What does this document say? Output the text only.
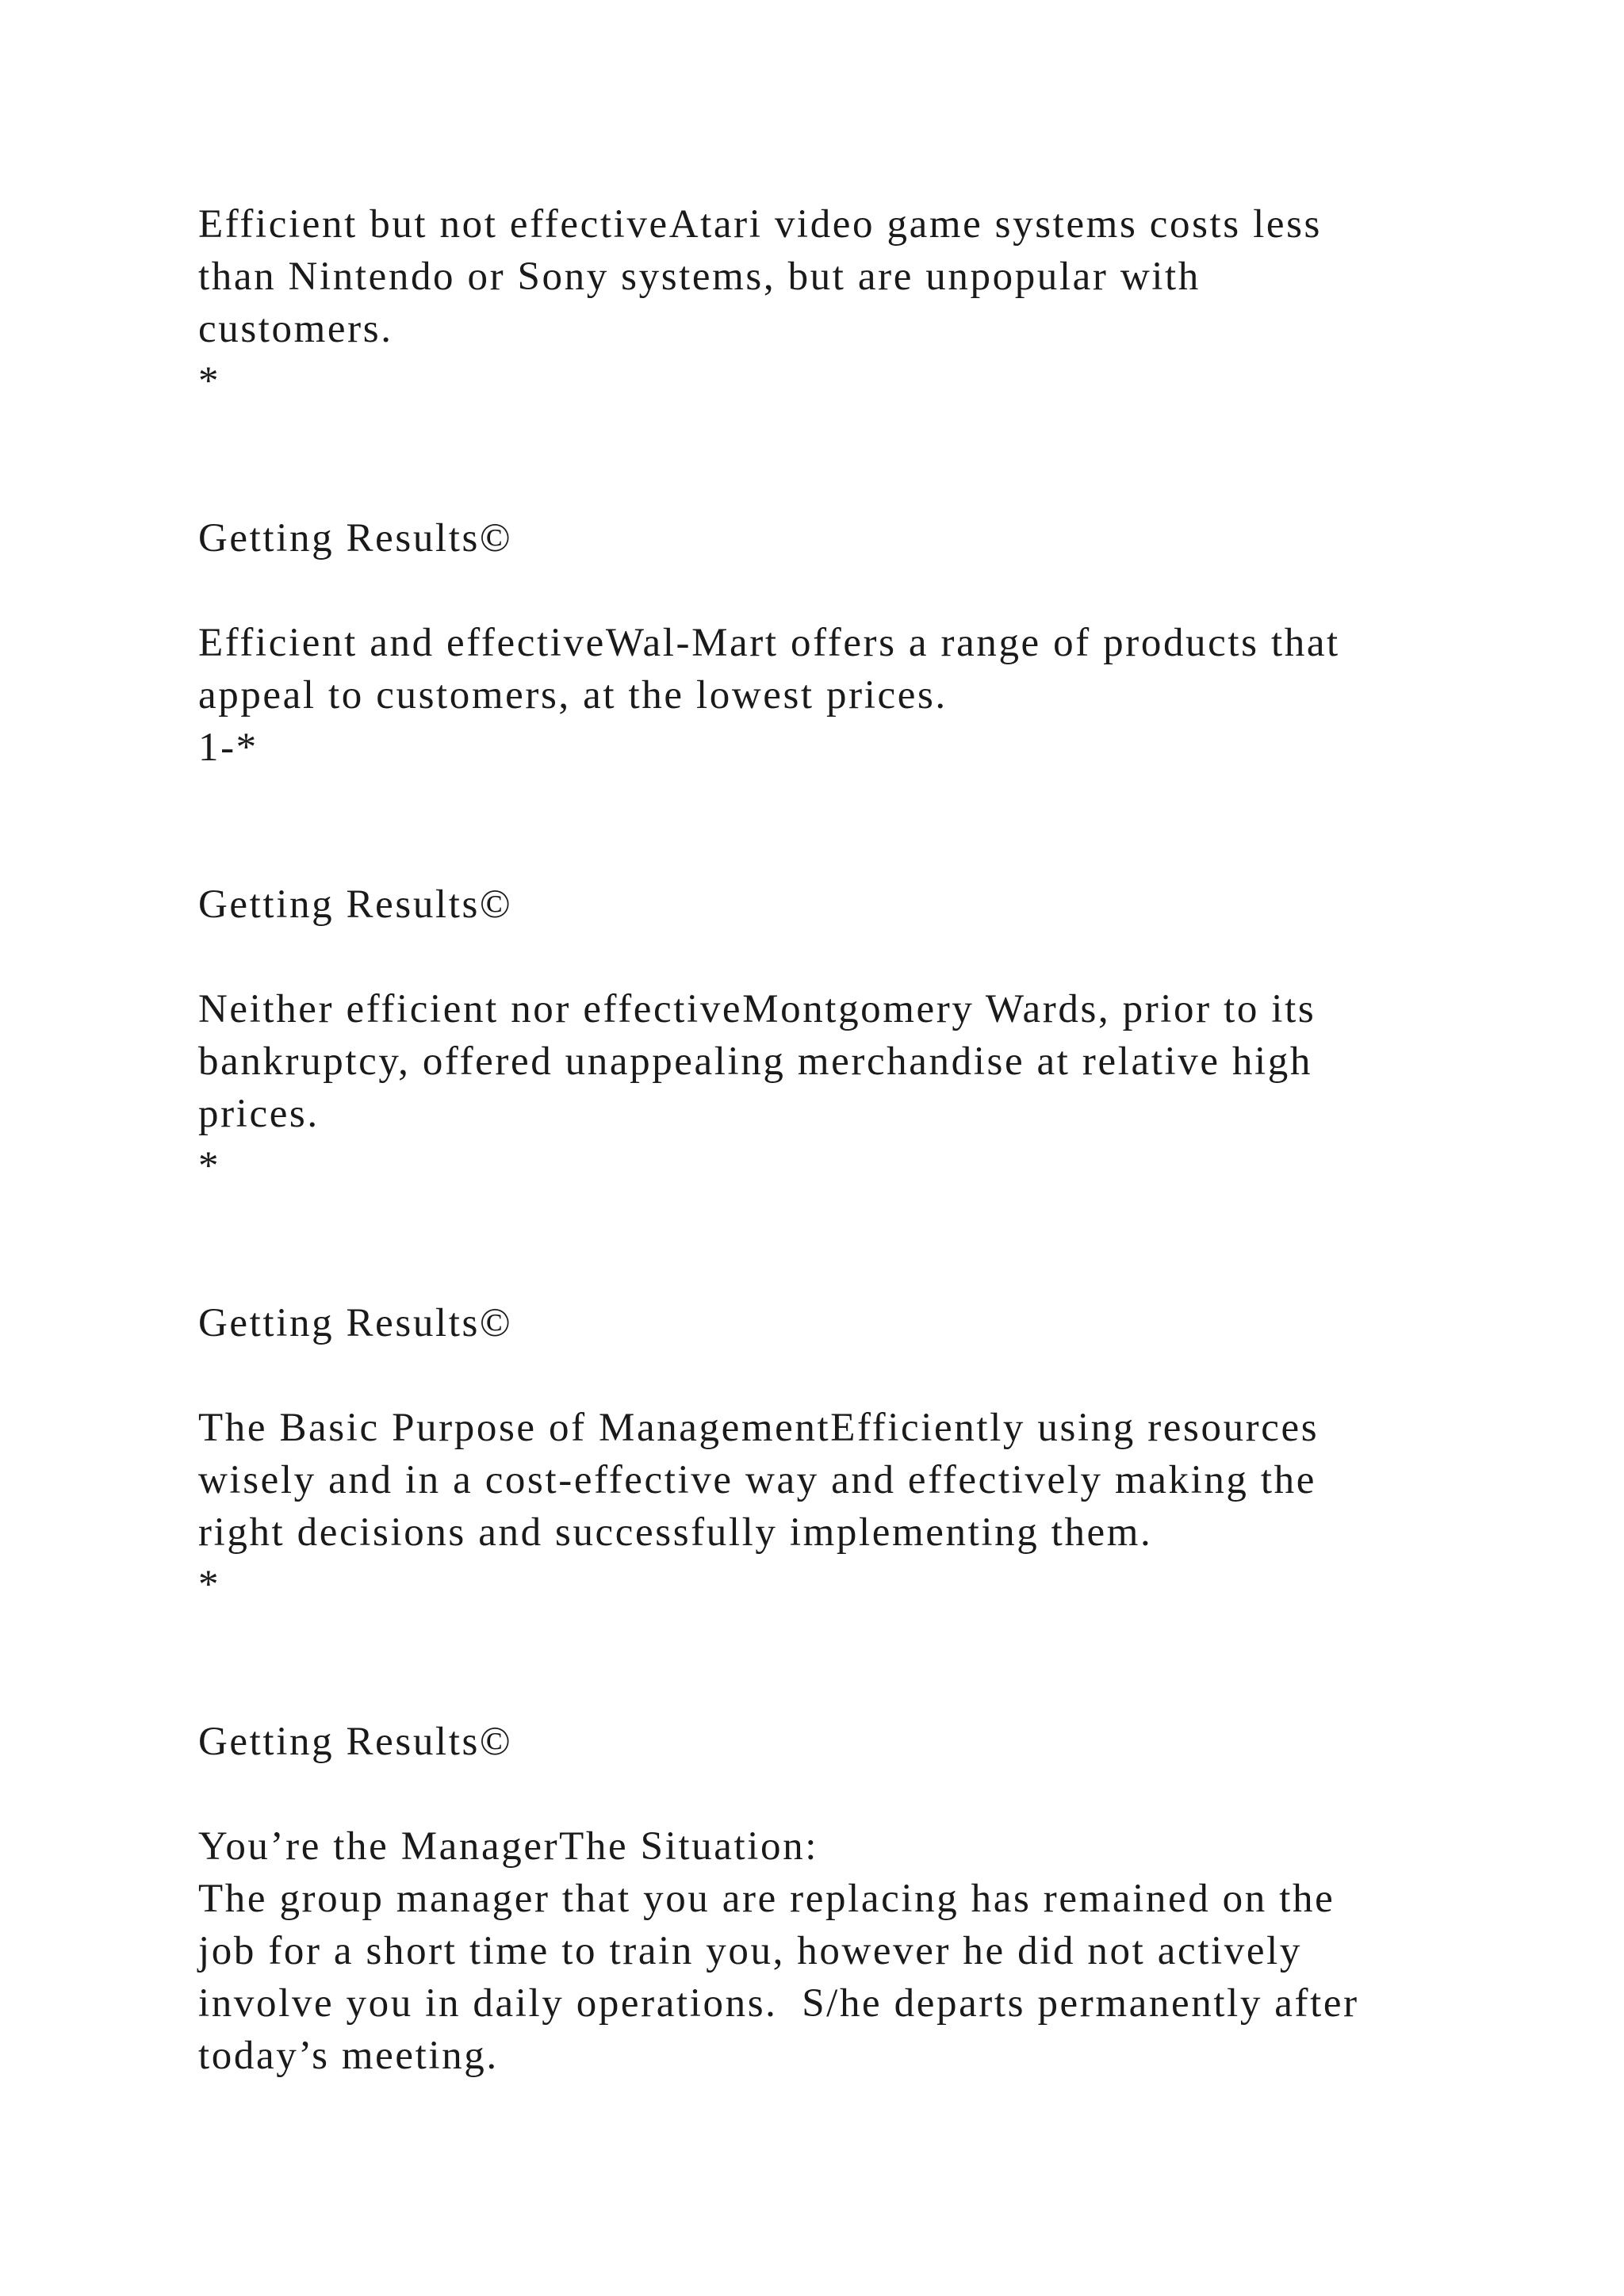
Efficient but not effectiveAtari video game systems costs less
than Nintendo or Sony systems, but are unpopular with
customers.
*
Getting Results©
Efficient and effectiveWal-Mart offers a range of products that
appeal to customers, at the lowest prices.
1-*
Getting Results©
Neither efficient nor effectiveMontgomery Wards, prior to its
bankruptcy, offered unappealing merchandise at relative high
prices.
*
Getting Results©
The Basic Purpose of ManagementEfficiently using resources
wisely and in a cost-effective way and effectively making the
right decisions and successfully implementing them.
*
Getting Results©
You’re the ManagerThe Situation:
The group manager that you are replacing has remained on the
job for a short time to train you, however he did not actively
involve you in daily operations.  S/he departs permanently after
today’s meeting.
